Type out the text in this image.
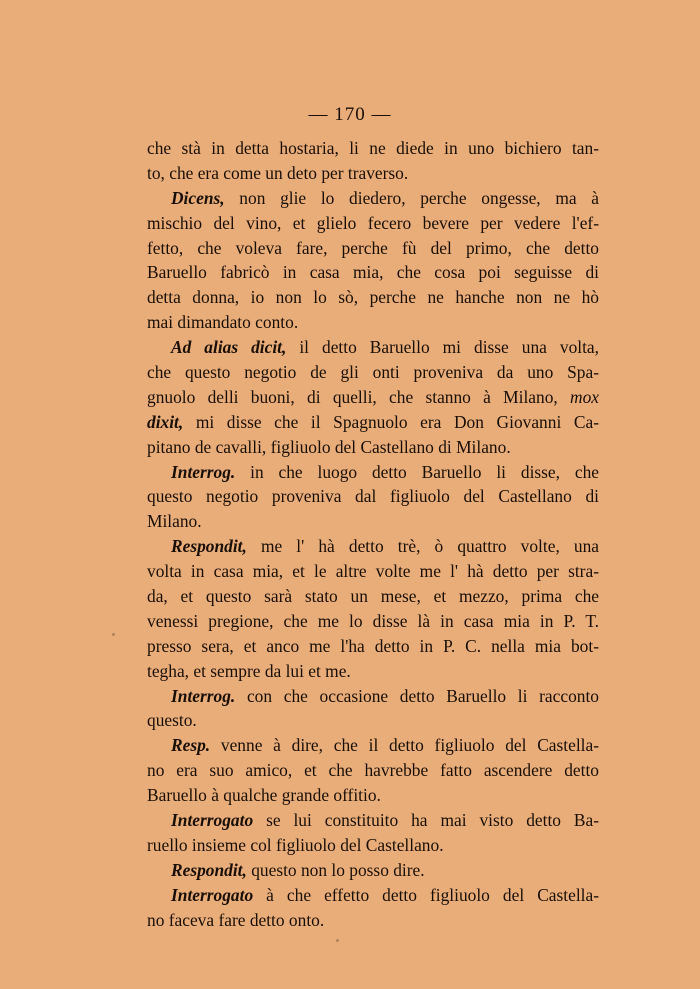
— 170 —
che stà in detta hostaria, li ne diede in uno bichiero tan-
to, che era come un deto per traverso.
Dicens, non glie lo diedero, perche ongesse, ma à
mischio del vino, et glielo fecero bevere per vedere l'ef-
fetto, che voleva fare, perche fù del primo, che detto
Baruello fabricò in casa mia, che cosa poi seguisse di
detta donna, io non lo sò, perche ne hanche non ne hò
mai dimandato conto.
Ad alias dicit, il detto Baruello mi disse una volta,
che questo negotio de gli onti proveniva da uno Spa-
gnuolo delli buoni, di quelli, che stanno à Milano, mox
dixit, mi disse che il Spagnuolo era Don Giovanni Ca-
pitano de cavalli, figliuolo del Castellano di Milano.
Interrog. in che luogo detto Baruello li disse, che
questo negotio proveniva dal figliuolo del Castellano di
Milano.
Respondit, me l' hà detto trè, ò quattro volte, una
volta in casa mia, et le altre volte me l' hà detto per stra-
da, et questo sarà stato un mese, et mezzo, prima che
venessi pregione, che me lo disse là in casa mia in P. T.
presso sera, et anco me l'ha detto in P. C. nella mia bot-
tegha, et sempre da lui et me.
Interrog. con che occasione detto Baruello li racconto
questo.
Resp. venne à dire, che il detto figliuolo del Castella-
no era suo amico, et che havrebbe fatto ascendere detto
Baruello à qualche grande offitio.
Interrogato se lui constituito ha mai visto detto Ba-
ruello insieme col figliuolo del Castellano.
Respondit, questo non lo posso dire.
Interrogato à che effetto detto figliuolo del Castella-
no faceva fare detto onto.
